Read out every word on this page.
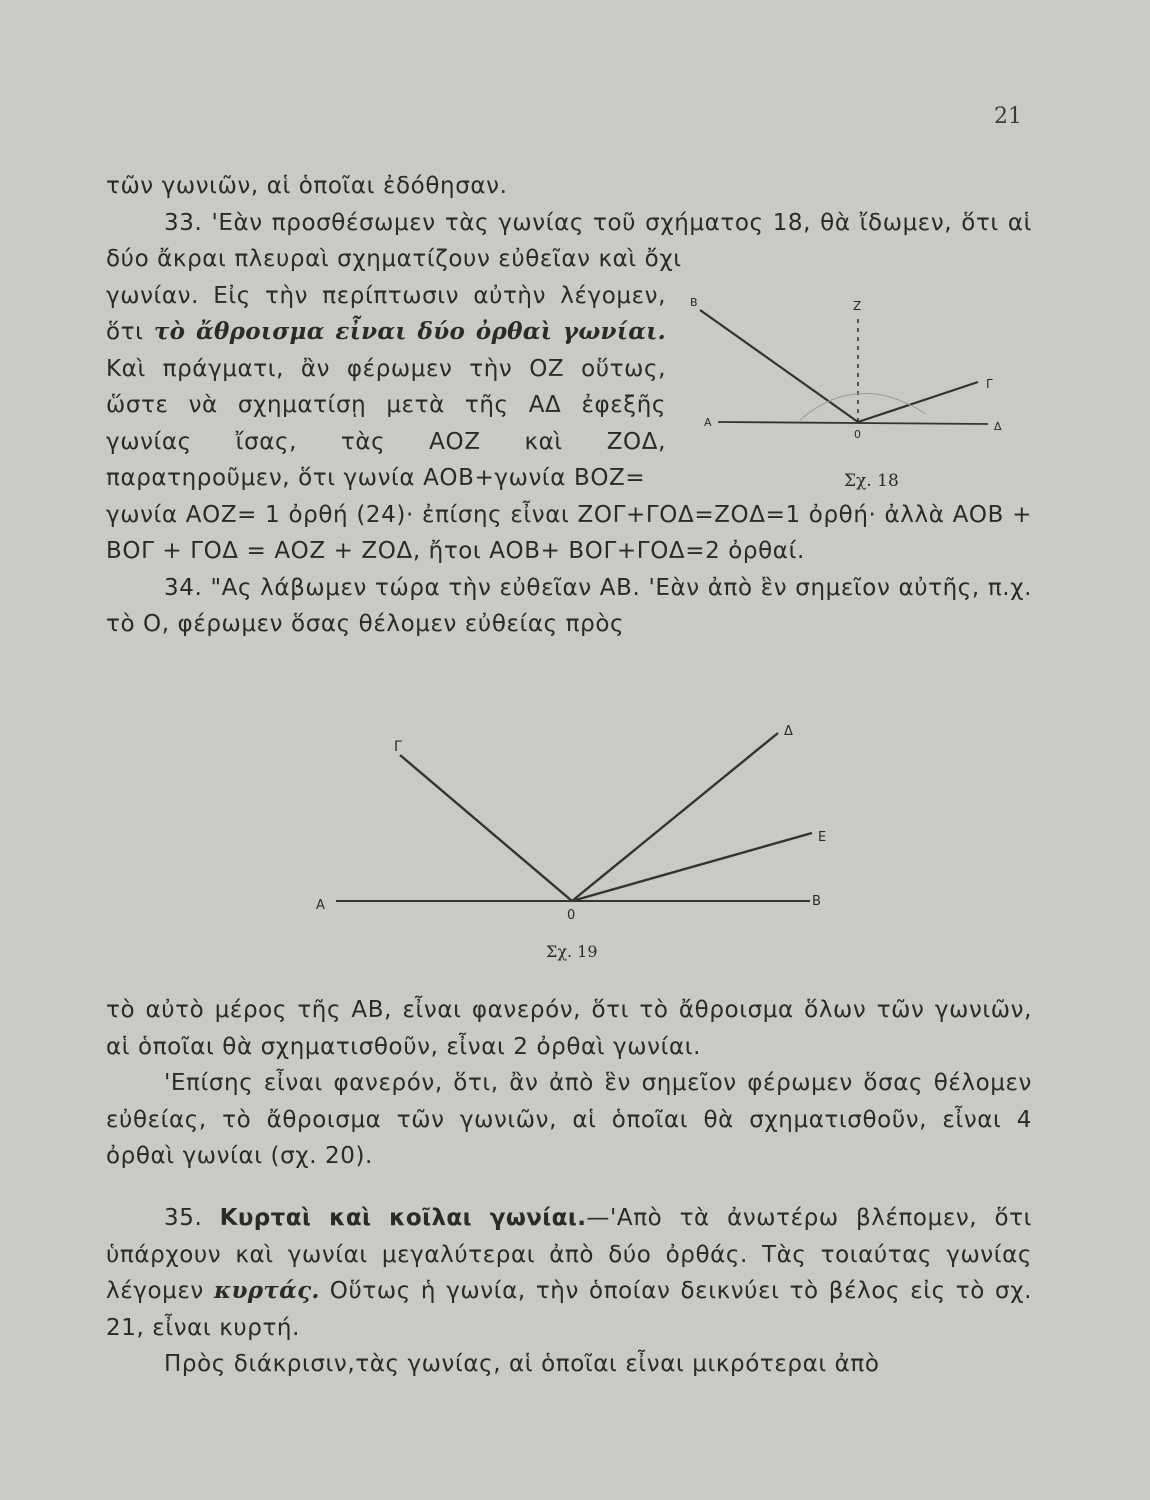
21

τῶν γωνιῶν, αἱ ὁποῖαι ἐδόθησαν.

33. 'Εὰν προσθέσωμεν τὰς γωνίας τοῦ σχήματος 18, θὰ ἴδωμεν, ὅτι αἱ δύο ἄκραι πλευραὶ σχηματίζουν εὐθεῖαν καὶ ὄχι

γωνίαν. Εἰς τὴν περίπτωσιν αὐτὴν λέγομεν, ὅτι τὸ ἄθροισμα εἶναι δύο ὀρθαὶ γωνίαι. Καὶ πράγματι, ἂν φέρωμεν τὴν ΟΖ οὕτως, ὥστε νὰ σχηματίσῃ μετὰ τῆς ΑΔ ἐφεξῆς γωνίας ἴσας, τὰς ΑΟΖ καὶ ΖΟΔ, παρατηροῦμεν, ὅτι γωνία ΑΟΒ+γωνία ΒΟΖ=

γωνία ΑΟΖ= 1 ὀρθή (24)· ἐπίσης εἶναι ΖΟΓ+ΓΟΔ=ΖΟΔ=1 ὀρθή· ἀλλὰ ΑΟΒ + ΒΟΓ + ΓΟΔ = ΑΟΖ + ΖΟΔ, ἤτοι ΑΟΒ+ ΒΟΓ+ΓΟΔ=2 ὀρθαί.

34. "Ας λάβωμεν τώρα τὴν εὐθεῖαν ΑΒ. 'Εὰν ἀπὸ ἓν σημεῖον αὐτῆς, π.χ. τὸ Ο, φέρωμεν ὅσας θέλομεν εὐθείας πρὸς

B	Z
Γ
A
0
Δ
Σχ. 18
Γ
Δ
E
A
0
B
Σχ. 19

τὸ αὐτὸ μέρος τῆς ΑΒ, εἶναι φανερόν, ὅτι τὸ ἄθροισμα ὅλων τῶν γωνιῶν, αἱ ὁποῖαι θὰ σχηματισθοῦν, εἶναι 2 ὀρθαὶ γωνίαι.

'Επίσης εἶναι φανερόν, ὅτι, ἂν ἀπὸ ἓν σημεῖον φέρωμεν ὅσας θέλομεν εὐθείας, τὸ ἄθροισμα τῶν γωνιῶν, αἱ ὁποῖαι θὰ σχηματισθοῦν, εἶναι 4 ὀρθαὶ γωνίαι (σχ. 20).

35. Κυρταὶ καὶ κοῖλαι γωνίαι.—'Απὸ τὰ ἀνωτέρω βλέπομεν, ὅτι ὑπάρχουν καὶ γωνίαι μεγαλύτεραι ἀπὸ δύο ὀρθάς. Τὰς τοιαύτας γωνίας λέγομεν κυρτάς. Οὕτως ἡ γωνία, τὴν ὁποίαν δεικνύει τὸ βέλος εἰς τὸ σχ. 21, εἶναι κυρτή.

Πρὸς διάκρισιν,τὰς γωνίας, αἱ ὁποῖαι εἶναι μικρότεραι ἀπὸ
